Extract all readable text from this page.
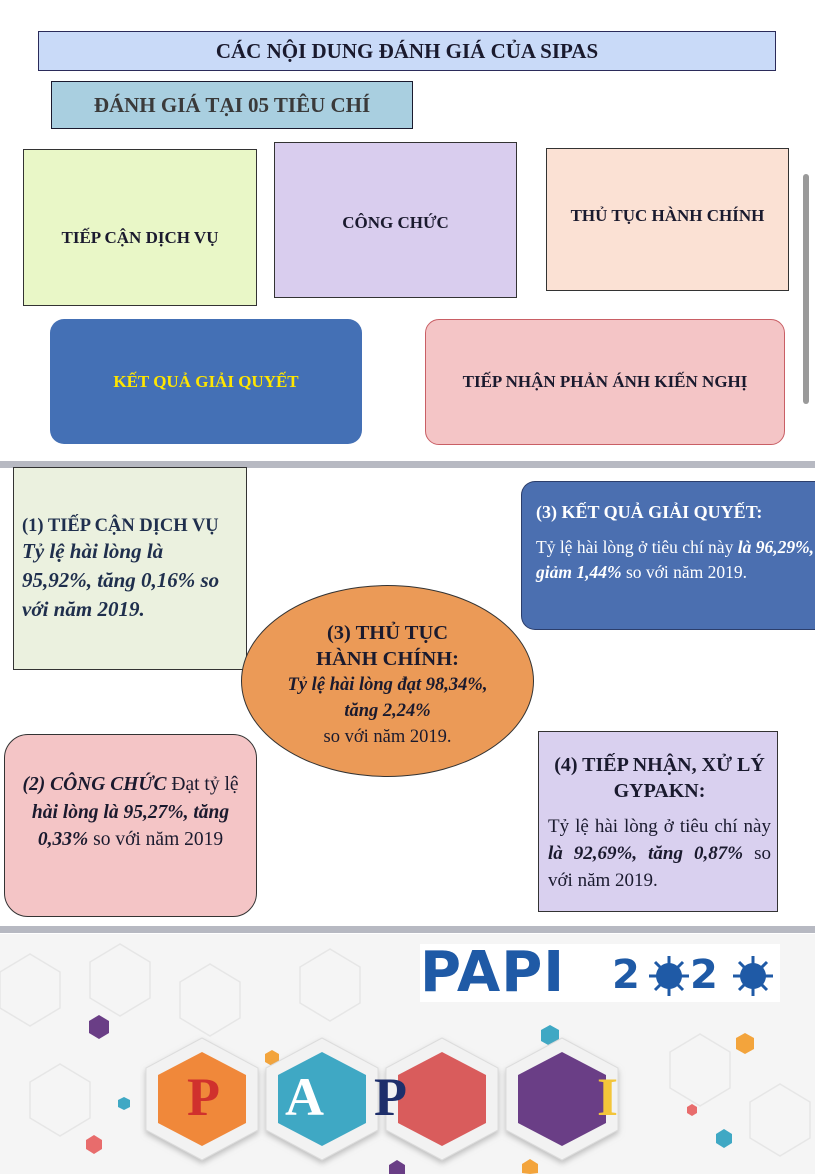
CÁC NỘI DUNG ĐÁNH GIÁ CỦA SIPAS
ĐÁNH GIÁ TẠI 05 TIÊU CHÍ
TIẾP CẬN DỊCH VỤ
CÔNG CHỨC	THỦ TỤC HÀNH CHÍNH
KẾT QUẢ GIẢI QUYẾT	TIẾP NHẬN PHẢN ÁNH KIẾN NGHỊ
(1) TIẾP CẬN DỊCH VỤ
Tỷ lệ hài lòng là 95,92%, tăng 0,16% so với năm 2019.
(3) KẾT QUẢ GIẢI QUYẾT:
Tỷ lệ hài lòng ở tiêu chí này là 96,29%, giảm 1,44% so với năm 2019.
(3) THỦ TỤC HÀNH CHÍNH:
Tỷ lệ hài lòng đạt 98,34%, tăng 2,24%
so với năm 2019.
(2) CÔNG CHỨC Đạt tỷ lệ hài lòng là 95,27%, tăng 0,33% so với năm 2019
(4) TIẾP NHẬN, XỬ LÝ GYPAKN:
Tỷ lệ hài lòng ở tiêu chí này là 92,69%, tăng 0,87% so với năm 2019.
PAPI 2 2
P A P	I
